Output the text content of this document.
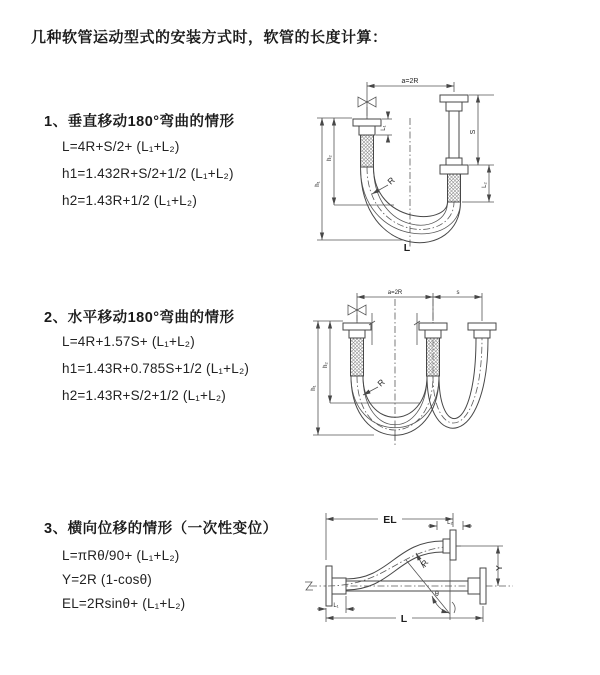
几种软管运动型式的安装方式时，软管的长度计算：
1、垂直移动180°弯曲的情形
L=4R+S/2+ (L₁+L₂)
h1=1.432R+S/2+1/2 (L₁+L₂)
h2=1.43R+1/2 (L₁+L₂)
2、水平移动180°弯曲的情形
L=4R+1.57S+ (L₁+L₂)
h1=1.43R+0.785S+1/2 (L₁+L₂)
h2=1.43R+S/2+1/2 (L₁+L₂)
3、横向位移的情形（一次性变位）
L=πRθ/90+ (L₁+L₂)
Y=2R (1-cosθ)
EL=2Rsinθ+ (L₁+L₂)
a=2R
h₁
h₂
L₁
S
L₂
R
L
a=2R	s
h₁
h₂
R
EL	L₂
Y
θ
R
L
L₁
